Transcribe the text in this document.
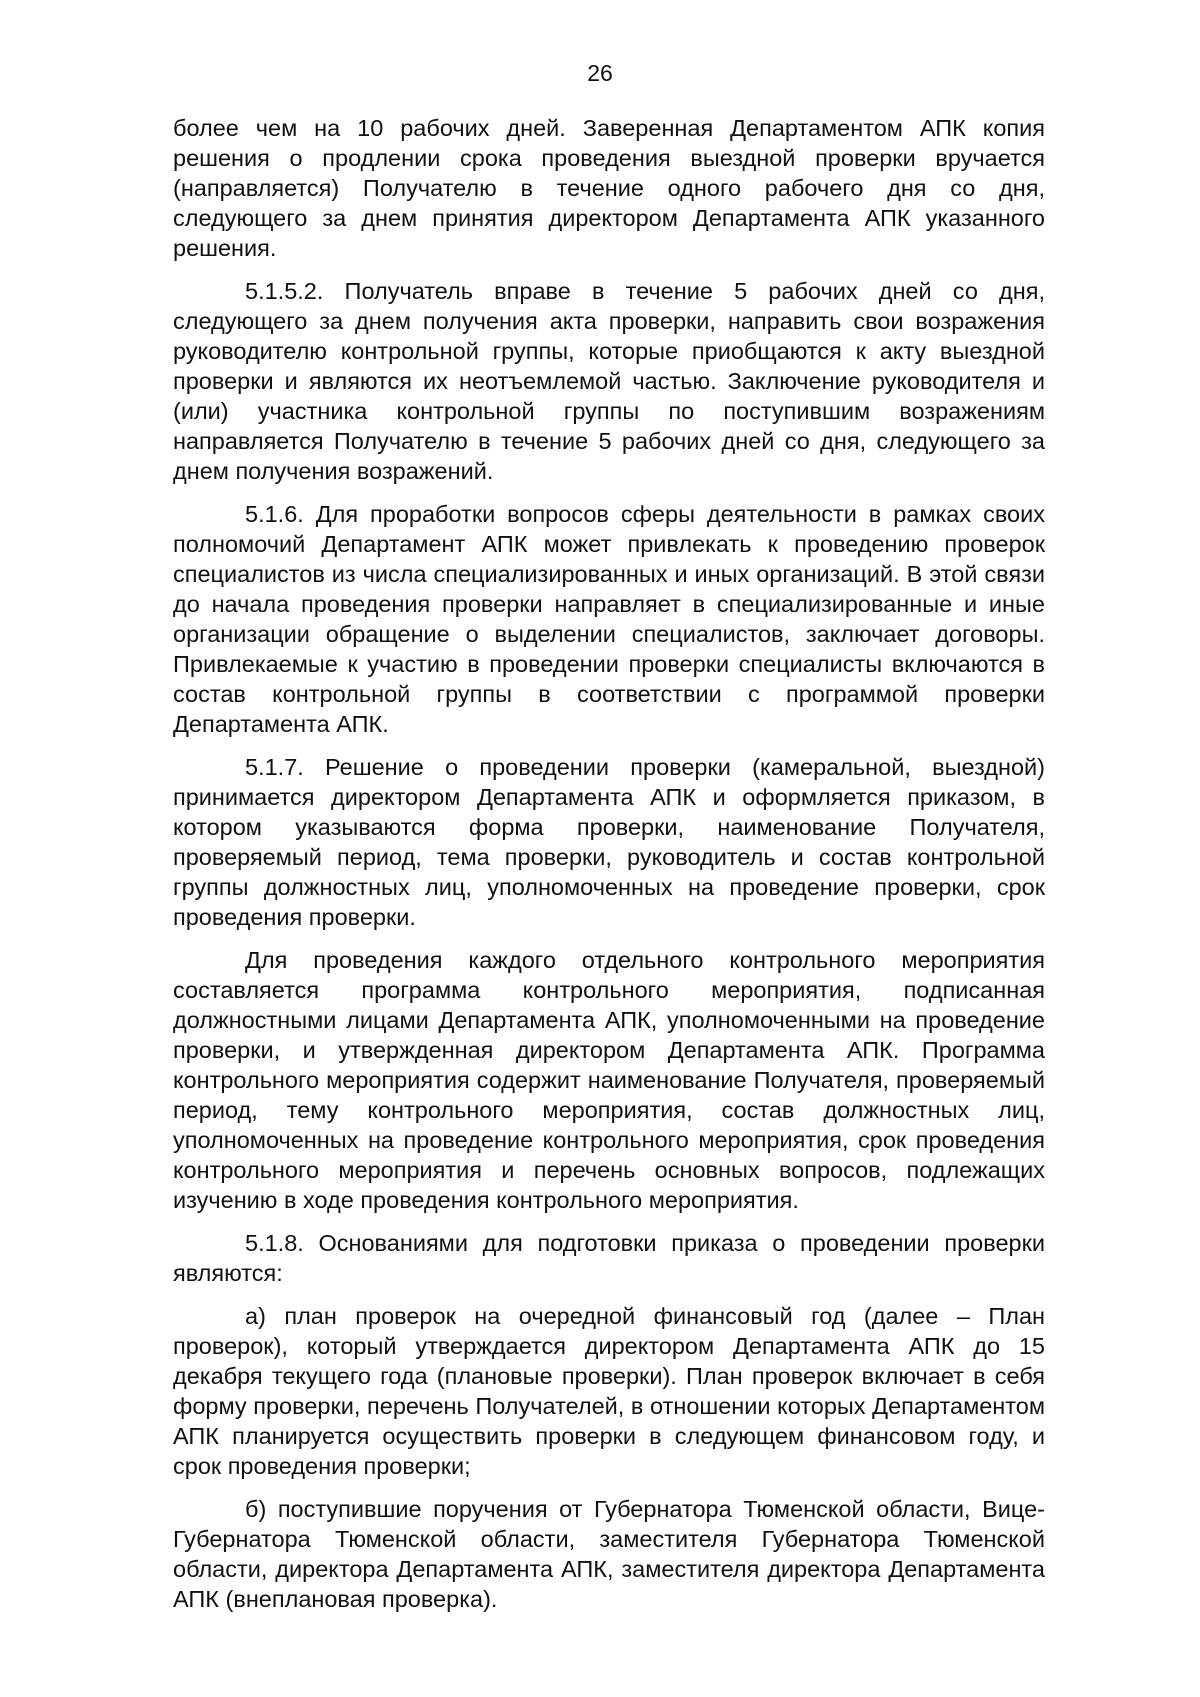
26

более чем на 10 рабочих дней. Заверенная Департаментом АПК копия решения о продлении срока проведения выездной проверки вручается (направляется) Получателю в течение одного рабочего дня со дня, следующего за днем принятия директором Департамента АПК указанного решения.

5.1.5.2. Получатель вправе в течение 5 рабочих дней со дня, следующего за днем получения акта проверки, направить свои возражения руководителю контрольной группы, которые приобщаются к акту выездной проверки и являются их неотъемлемой частью. Заключение руководителя и (или) участника контрольной группы по поступившим возражениям направляется Получателю в течение 5 рабочих дней со дня, следующего за днем получения возражений.

5.1.6. Для проработки вопросов сферы деятельности в рамках своих полномочий Департамент АПК может привлекать к проведению проверок специалистов из числа специализированных и иных организаций. В этой связи до начала проведения проверки направляет в специализированные и иные организации обращение о выделении специалистов, заключает договоры. Привлекаемые к участию в проведении проверки специалисты включаются в состав контрольной группы в соответствии с программой проверки Департамента АПК.

5.1.7. Решение о проведении проверки (камеральной, выездной) принимается директором Департамента АПК и оформляется приказом, в котором указываются форма проверки, наименование Получателя, проверяемый период, тема проверки, руководитель и состав контрольной группы должностных лиц, уполномоченных на проведение проверки, срок проведения проверки.

Для проведения каждого отдельного контрольного мероприятия составляется программа контрольного мероприятия, подписанная должностными лицами Департамента АПК, уполномоченными на проведение проверки, и утвержденная директором Департамента АПК. Программа контрольного мероприятия содержит наименование Получателя, проверяемый период, тему контрольного мероприятия, состав должностных лиц, уполномоченных на проведение контрольного мероприятия, срок проведения контрольного мероприятия и перечень основных вопросов, подлежащих изучению в ходе проведения контрольного мероприятия.

5.1.8. Основаниями для подготовки приказа о проведении проверки являются:

а) план проверок на очередной финансовый год (далее – План проверок), который утверждается директором Департамента АПК до 15 декабря текущего года (плановые проверки). План проверок включает в себя форму проверки, перечень Получателей, в отношении которых Департаментом АПК планируется осуществить проверки в следующем финансовом году, и срок проведения проверки;

б) поступившие поручения от Губернатора Тюменской области, Вице-Губернатора Тюменской области, заместителя Губернатора Тюменской области, директора Департамента АПК, заместителя директора Департамента АПК (внеплановая проверка).
